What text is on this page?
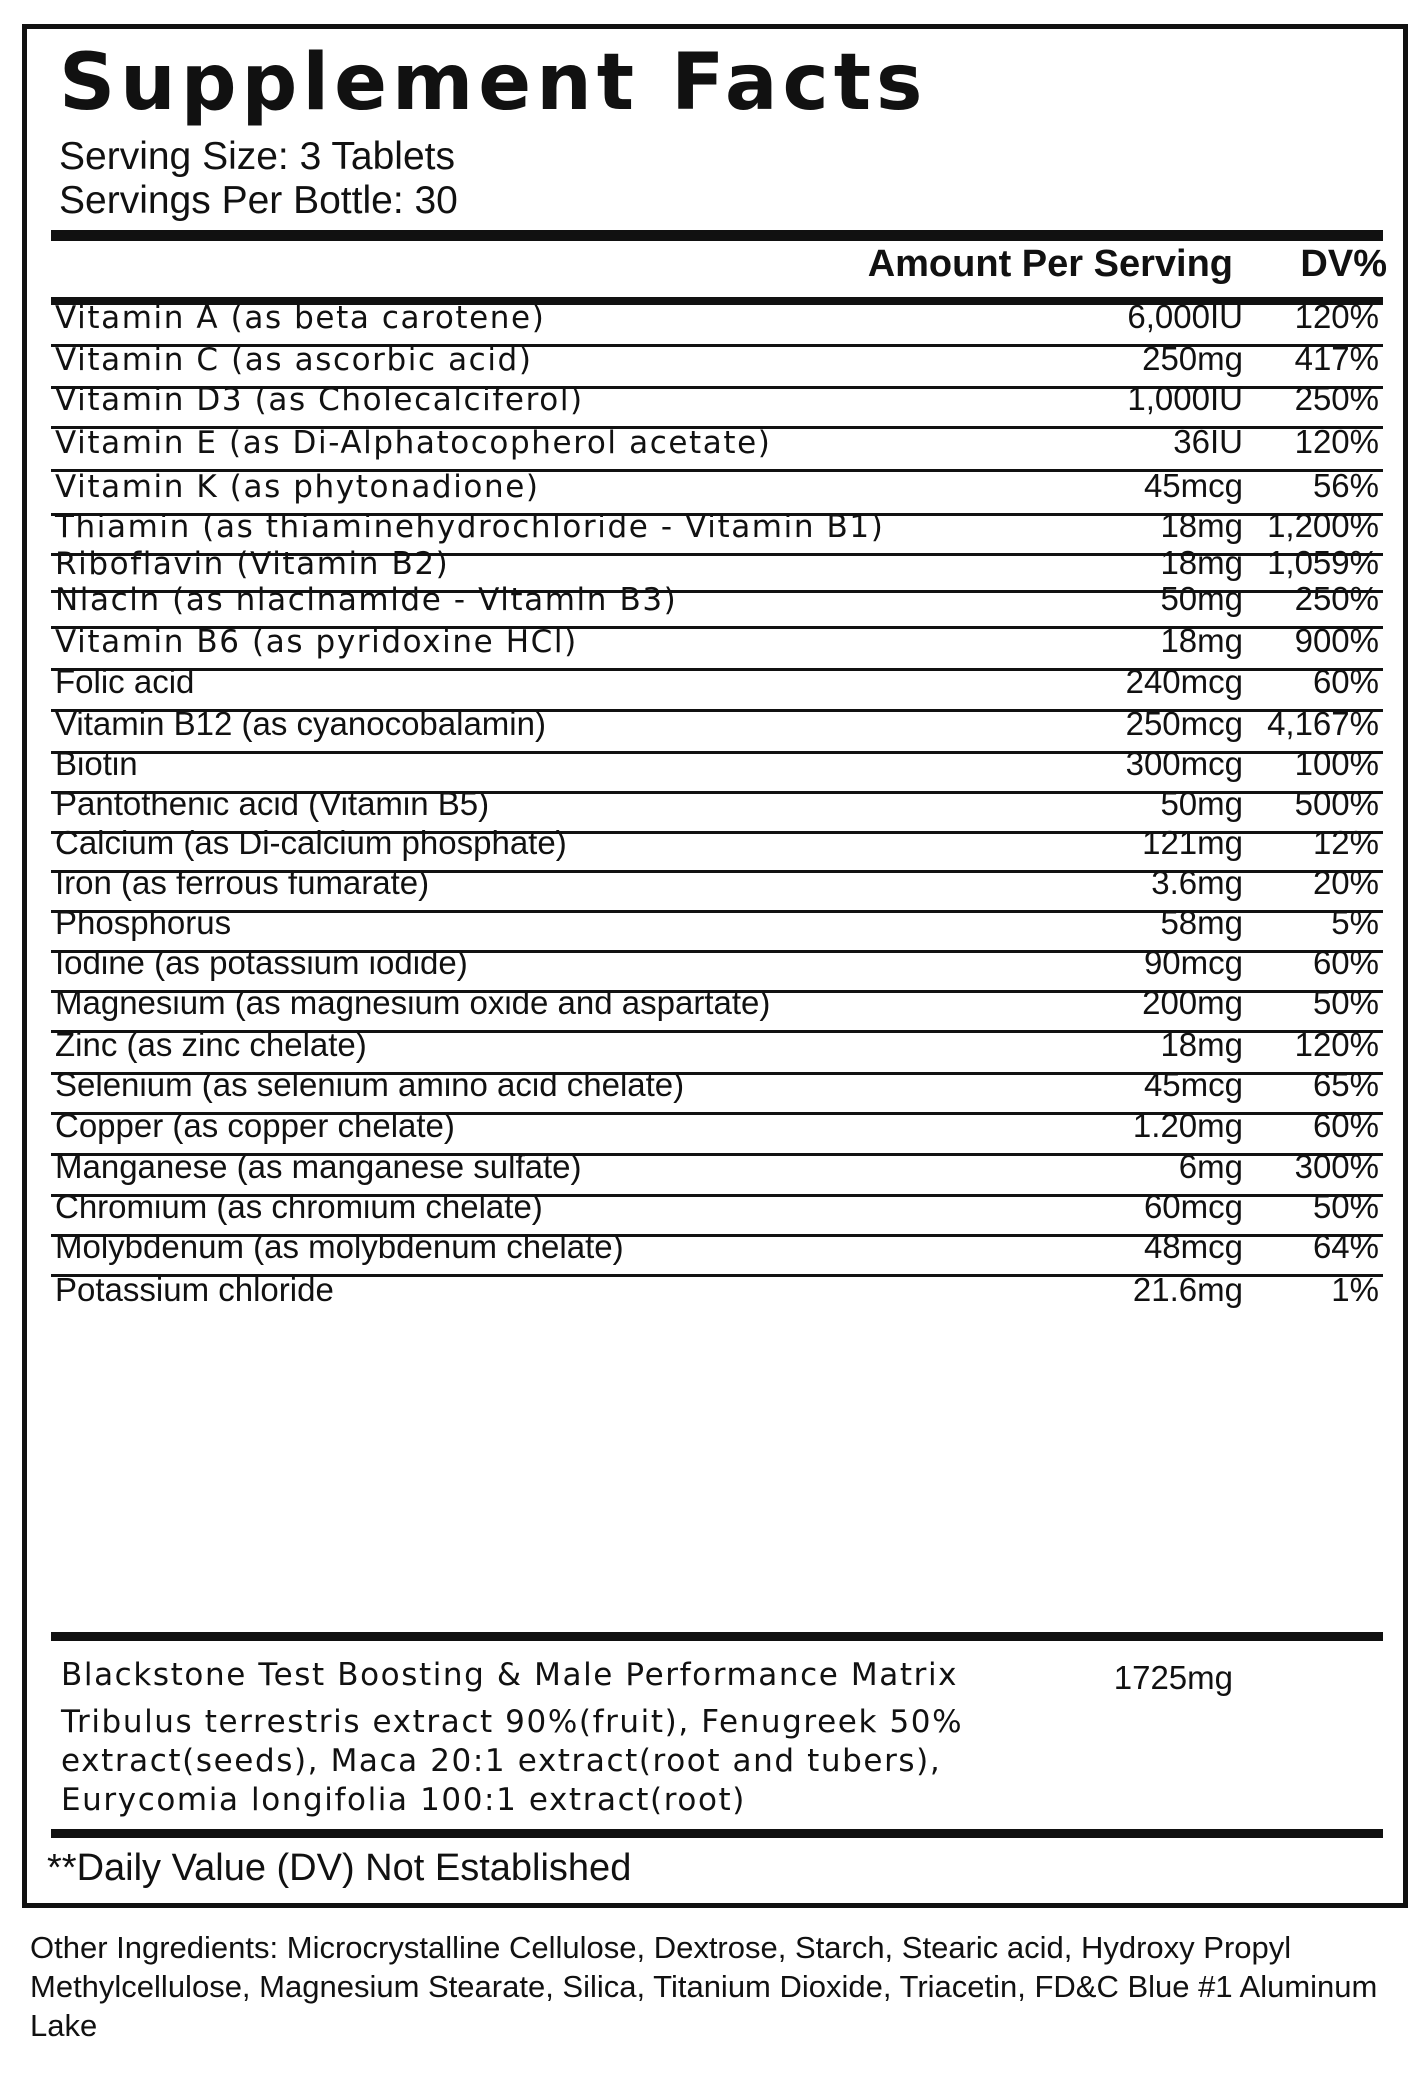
Supplement Facts
Serving Size: 3 Tablets
Servings Per Bottle: 30
Amount Per Serving	DV%
Vitamin A (as beta carotene)	6,000IU 120%
Vitamin C (as ascorbic acid)	250mg 417%
Vitamin D3 (as Cholecalciferol)	1,000IU 250%
Vitamin E (as Di-Alphatocopherol acetate)	36IU 120%
Vitamin K (as phytonadione)	45mcg 56%
Thiamin (as thiaminehydrochloride - Vitamin B1)	18mg 1,200%
Riboflavin (Vitamin B2)	18mg 1,059%
Niacin (as niacinamide - Vitamin B3)	50mg 250%
Vitamin B6 (as pyridoxine HCl)	18mg 900%
Folic acid	240mcg 60%
Vitamin B12 (as cyanocobalamin)	250mcg 4,167%
Biotin	300mcg 100%
Pantothenic acid (Vitamin B5)	50mg 500%
Calcium (as Di-calcium phosphate)	121mg 12%
Iron (as ferrous fumarate)	3.6mg 20%
Phosphorus	58mg	5%
Iodine (as potassium iodide)	90mcg 60%
Magnesium (as magnesium oxide and aspartate)	200mg 50%
Zinc (as zinc chelate)	18mg 120%
Selenium (as selenium amino acid chelate)	45mcg 65%
Copper (as copper chelate)	1.20mg 60%
Manganese (as manganese sulfate)	6mg 300%
Chromium (as chromium chelate)	60mcg 50%
Molybdenum (as molybdenum chelate)	48mcg 64%
Potassium chloride	21.6mg	1%
Blackstone Test Boosting & Male Performance Matrix	1725mg
Tribulus terrestris extract 90%(fruit), Fenugreek 50%
extract(seeds), Maca 20:1 extract(root and tubers),
Eurycomia longifolia 100:1 extract(root)
**Daily Value (DV) Not Established
Other Ingredients: Microcrystalline Cellulose, Dextrose, Starch, Stearic acid, Hydroxy Propyl Methylcellulose, Magnesium Stearate, Silica, Titanium Dioxide, Triacetin, FD&C Blue #1 Aluminum Lake
